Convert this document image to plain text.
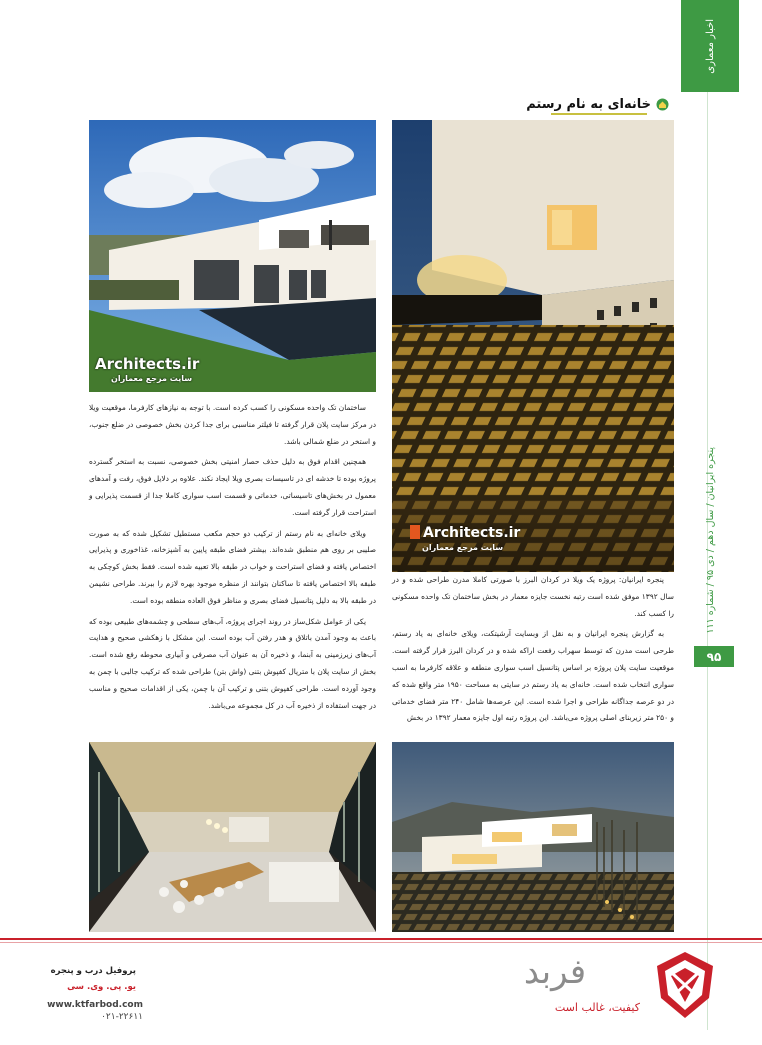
اخبار معماری
پنجره ایرانیان / سال دهم / دی ۹۵ / شماره ۱۱۱
۹۵
خانه‌ای به نام رستم
Architects.ir
سایت مرجع معماران
Architects.ir
سایت مرجع معماران

ساختمان تک واحده مسکونی را کسب کرده است. با توجه به نیازهای کارفرما، موقعیت ویلا در مرکز سایت پلان قرار گرفته تا فیلتر مناسبی برای جدا کردن بخش خصوصی در ضلع جنوب، و استخر در ضلع شمالی باشد.

همچنین اقدام فوق به دلیل حذف حصار امنیتی بخش خصوصی، نسبت به استخر گسترده پروژه بوده تا خدشه ای در تاسیسات بصری ویلا ایجاد نکند. علاوه بر دلایل فوق، رفت و آمدهای معمول در بخش‌های تاسیساتی، خدماتی و قسمت اسب سواری کاملا جدا از قسمت پذیرایی و استراحت قرار گرفته است.

ویلای خانه‌ای به نام رستم از ترکیب دو حجم مکعب مستطیل تشکیل شده که به صورت صلیبی بر روی هم منطبق شده‌اند. بیشتر فضای طبقه پایین به آشپزخانه، غذاخوری و پذیرایی اختصاص یافته و فضای استراحت و خواب در طبقه بالا تعبیه شده است. فقط بخش کوچکی به طبقه بالا اختصاص یافته تا ساکنان بتوانند از منظره موجود بهره لازم را ببرند. طراحی نشیمن در طبقه بالا به دلیل پتانسیل فضای بصری و مناظر فوق العاده منطقه بوده است.

یکی از عوامل شکل‌ساز در روند اجرای پروژه، آب‌های سطحی و چشمه‌های طبیعی بوده که باعث به وجود آمدن باتلاق و هدر رفتن آب بوده است. این مشکل با زهکشی صحیح و هدایت آب‌های زیرزمینی به آبنما، و ذخیره آن به عنوان آب مصرفی و آبیاری محوطه رفع شده است. بخش از سایت پلان با متریال کفپوش بتنی (واش بتن) طراحی شده که ترکیب جالبی با چمن به وجود آورده است. طراحی کفپوش بتنی و ترکیب آن با چمن، یکی از اقدامات صحیح و مناسب در جهت استفاده از ذخیره آب در کل مجموعه می‌باشد.

پنجره ایرانیان: پروژه یک ویلا در کردان البرز با صورتی کاملا مدرن طراحی شده و در سال ۱۳۹۲ موفق شده است رتبه نخست جایزه معمار در بخش ساختمان تک واحده مسکونی را کسب کند.

به گزارش پنجره ایرانیان و به نقل از وبسایت آرشیتکت، ویلای خانه‌ای به یاد رستم، طرحی است مدرن که توسط سهراب رفعت اراکه شده و در کردان البرز قرار گرفته است. موقعیت سایت پلان پروژه بر اساس پتانسیل اسب سواری منطقه و علاقه کارفرما به اسب سواری انتخاب شده است. خانه‌ای به یاد رستم در سایتی به مساحت ۱۹۵۰ متر واقع شده که در دو عرصه جداگانه طراحی و اجرا شده است. این عرصه‌ها شامل ۲۴۰ متر فضای خدماتی و ۲۵۰ متر زیربنای اصلی پروژه می‌باشد. این پروژه رتبه اول جایزه معمار ۱۳۹۲ در بخش

فربد
کیفیت، غالب است
پروفیل درب و پنجره
یو. پی. وی. سی
www.ktfarbod.com
۰۲۱-۲۲۶۱۱
